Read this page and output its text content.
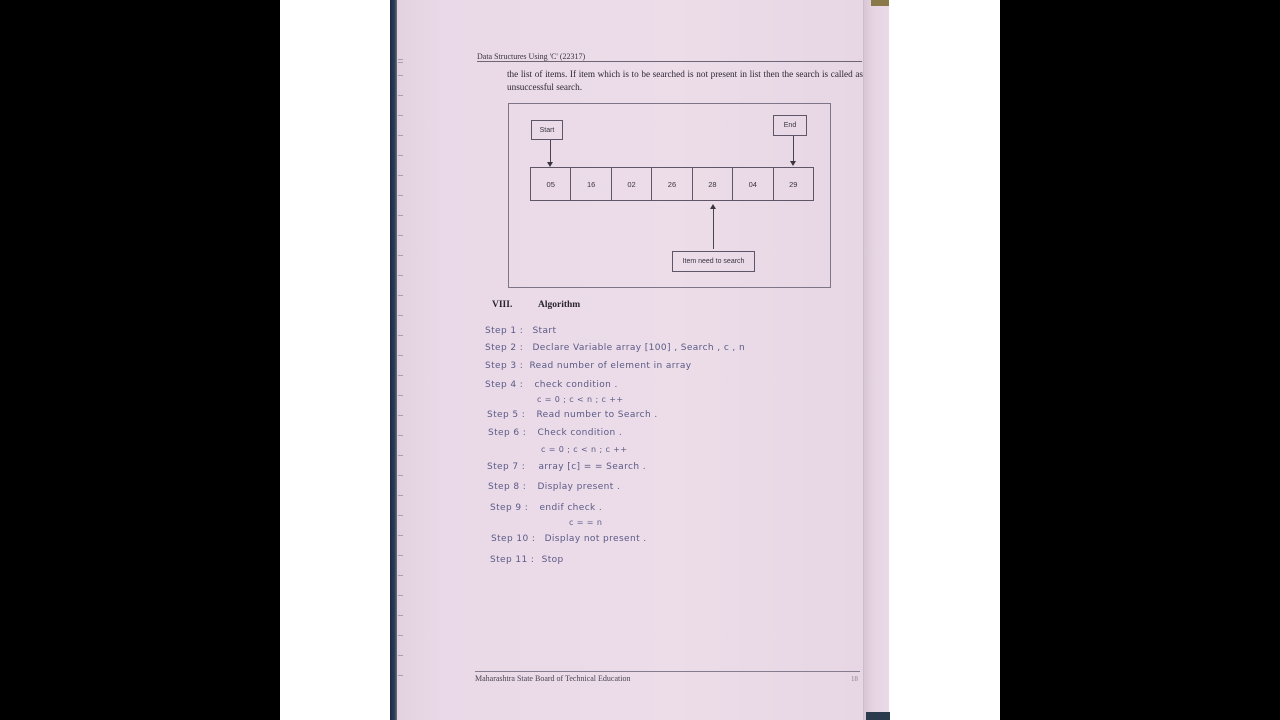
Data Structures Using 'C' (22317)
the list of items. If item which is to be searched is not present in list then the search is called as unsuccessful search.
Start
End
05	16	02	26	28	04	29
Item need to search
VIII.	Algorithm
Step 1 : Start
Step 2 : Declare Variable array [100] , Search , c , n
Step 3 : Read number of element in array
Step 4 : check condition .
c = 0 ; c < n ; c ++
Step 5 : Read number to Search .
Step 6 : Check condition .
c = 0 ; c < n ; c ++
Step 7 : array [c] = = Search .
Step 8 : Display present .
Step 9 : endif check .
c = = n
Step 10 : Display not present .
Step 11 : Stop
Maharashtra State Board of Technical Education	18
